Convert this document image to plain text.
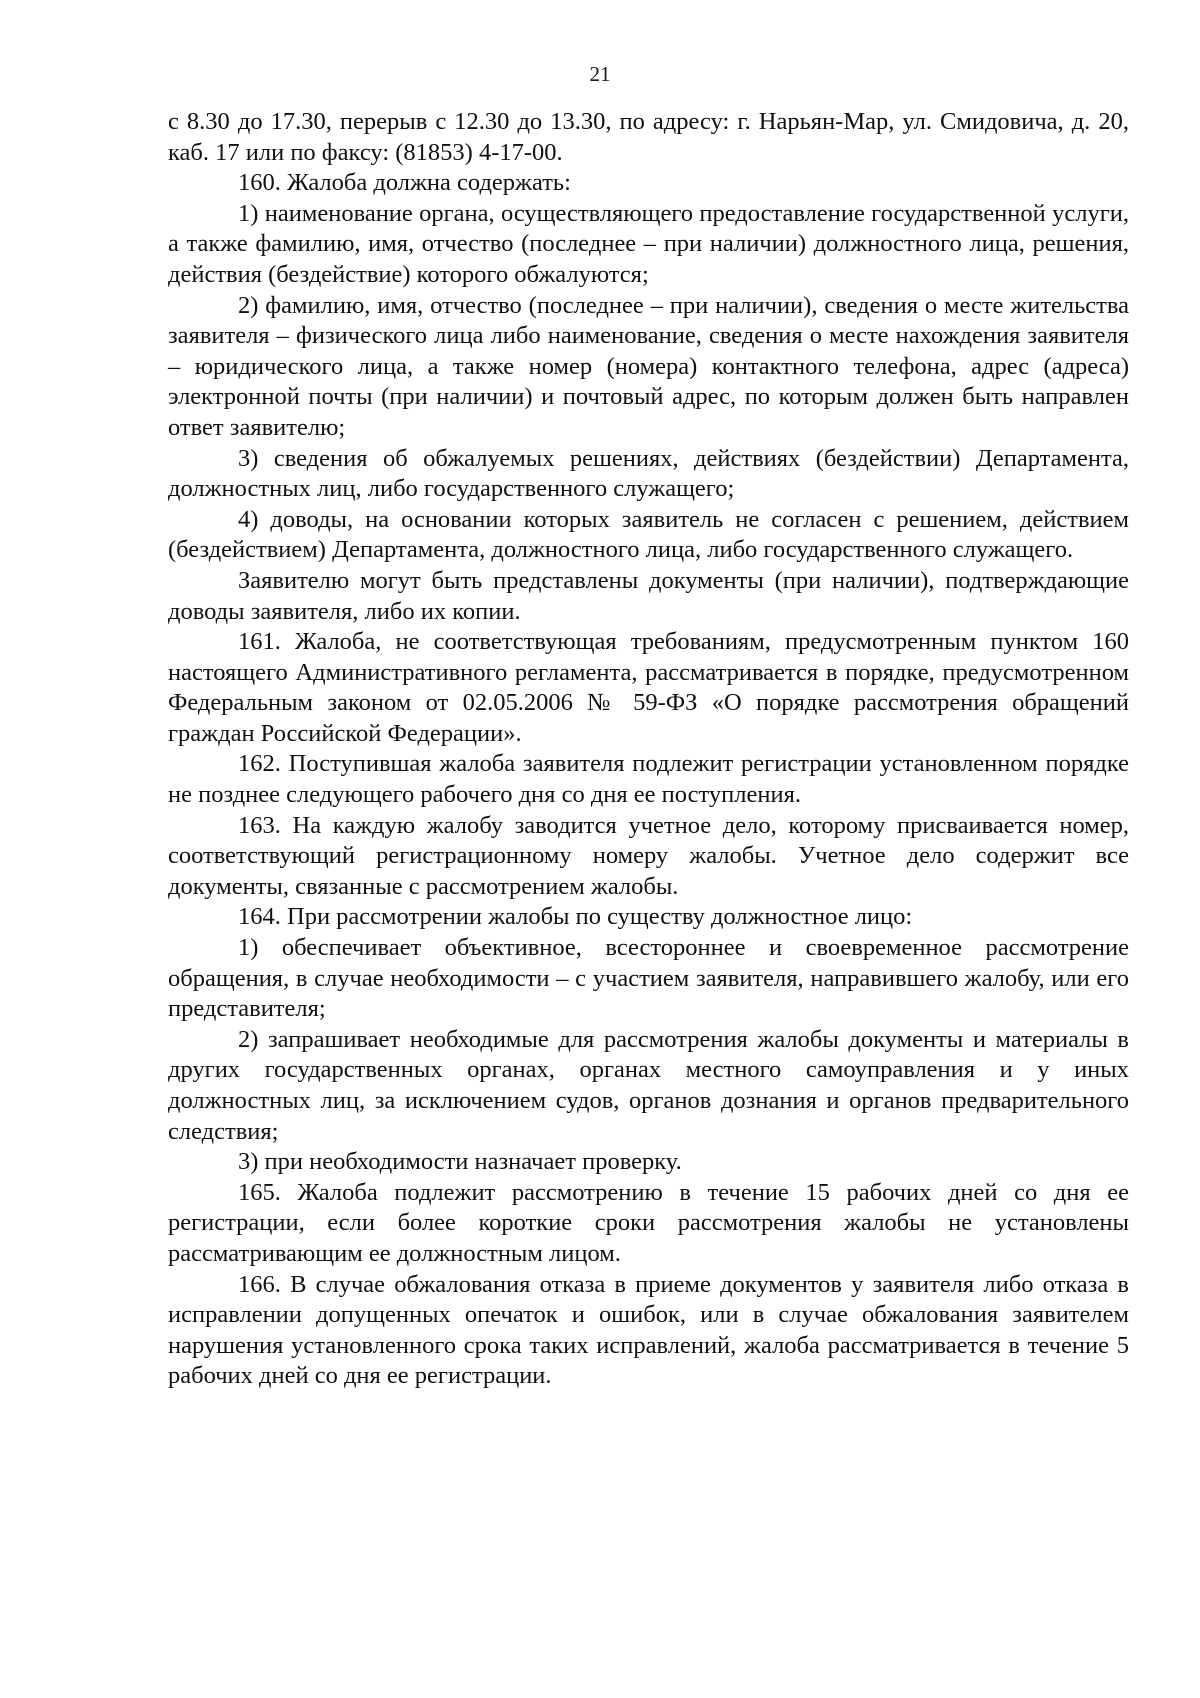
21

с 8.30 до 17.30, перерыв с 12.30 до 13.30, по адресу: г. Нарьян-Мар, ул. Смидовича, д. 20, каб. 17 или по факсу: (81853) 4-17-00.

160. Жалоба должна содержать:

1) наименование органа, осуществляющего предоставление государственной услуги, а также фамилию, имя, отчество (последнее – при наличии) должностного лица, решения, действия (бездействие) которого обжалуются;

2) фамилию, имя, отчество (последнее – при наличии), сведения о месте жительства заявителя – физического лица либо наименование, сведения о месте нахождения заявителя – юридического лица, а также номер (номера) контактного телефона, адрес (адреса) электронной почты (при наличии) и почтовый адрес, по которым должен быть направлен ответ заявителю;

3) сведения об обжалуемых решениях, действиях (бездействии) Департамента, должностных лиц, либо государственного служащего;

4) доводы, на основании которых заявитель не согласен с решением, действием (бездействием) Департамента, должностного лица, либо государственного служащего.

Заявителю могут быть представлены документы (при наличии), подтверждающие доводы заявителя, либо их копии.

161. Жалоба, не соответствующая требованиям, предусмотренным пунктом 160 настоящего Административного регламента, рассматривается в порядке, предусмотренном Федеральным законом от 02.05.2006 № 59-ФЗ «О порядке рассмотрения обращений граждан Российской Федерации».

162. Поступившая жалоба заявителя подлежит регистрации установленном порядке не позднее следующего рабочего дня со дня ее поступления.

163. На каждую жалобу заводится учетное дело, которому присваивается номер, соответствующий регистрационному номеру жалобы. Учетное дело содержит все документы, связанные с рассмотрением жалобы.

164. При рассмотрении жалобы по существу должностное лицо:

1) обеспечивает объективное, всестороннее и своевременное рассмотрение обращения, в случае необходимости – с участием заявителя, направившего жалобу, или его представителя;

2) запрашивает необходимые для рассмотрения жалобы документы и материалы в других государственных органах, органах местного самоуправления и у иных должностных лиц, за исключением судов, органов дознания и органов предварительного следствия;

3) при необходимости назначает проверку.

165. Жалоба подлежит рассмотрению в течение 15 рабочих дней со дня ее регистрации, если более короткие сроки рассмотрения жалобы не установлены рассматривающим ее должностным лицом.

166. В случае обжалования отказа в приеме документов у заявителя либо отказа в исправлении допущенных опечаток и ошибок, или в случае обжалования заявителем нарушения установленного срока таких исправлений, жалоба рассматривается в течение 5 рабочих дней со дня ее регистрации.
